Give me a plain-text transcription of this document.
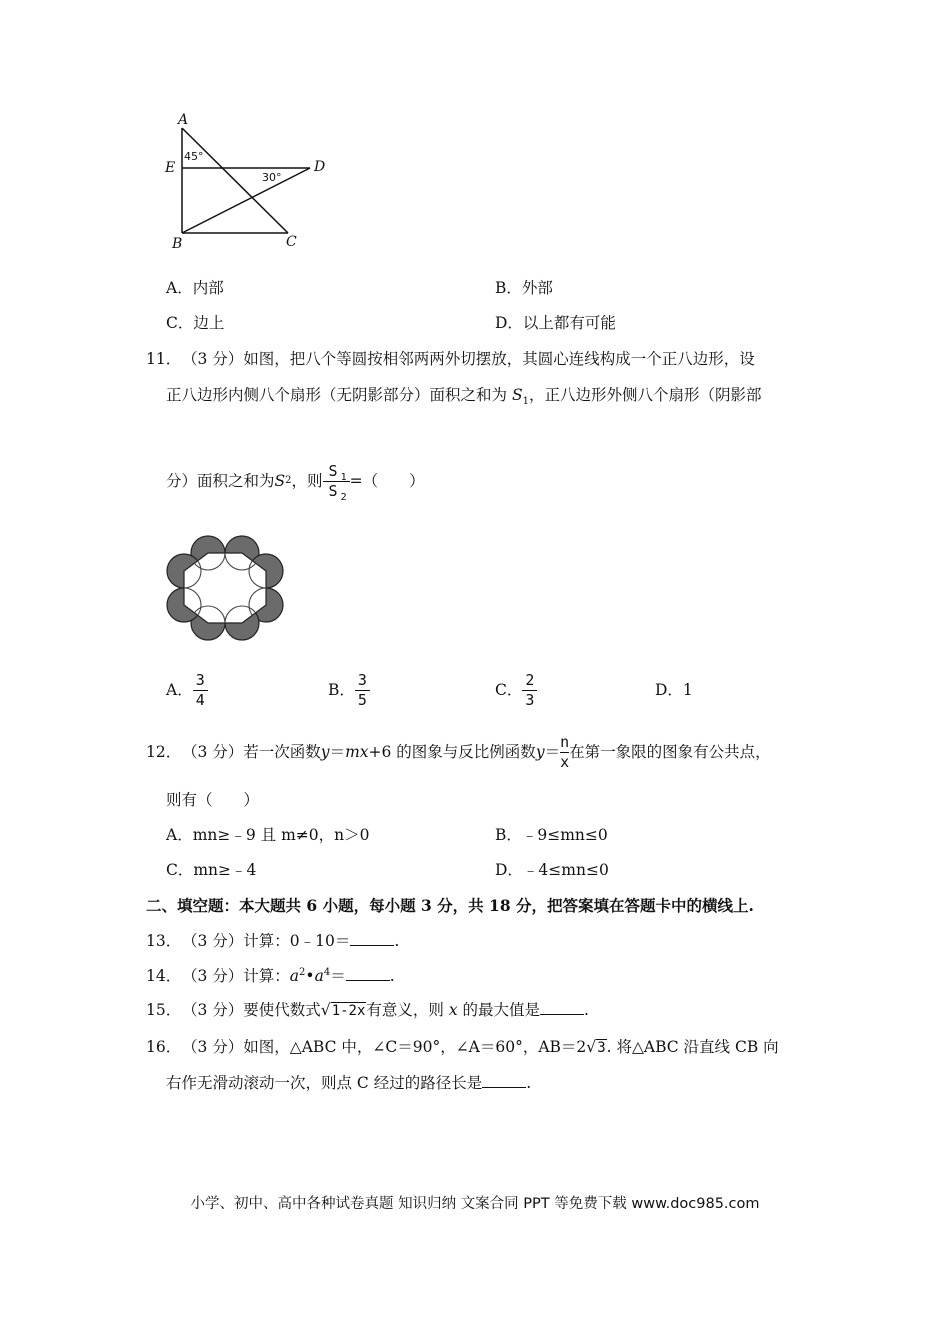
A
E	D
B	C
45°
30°
A．内部	B．外部
C．边上	D．以上都有可能
11． （3 分）如图，把八个等圆按相邻两两外切摆放，其圆心连线构成一个正八边形，设
正八边形内侧八个扇形（无阴影部分）面积之和为 $S_1$，正八边形外侧八个扇形（阴影部
分）面积之和为 S 2 ，则 $\frac{S _1}{S _2}$ =（　　）
A． $\frac{3}{4}$	B． $\frac{3}{5}$	C． $\frac{2}{3}$	D．1
12． （3 分）若一次函数 y ＝ mx +6 的图象与反比例函数 $y = \frac{n}{x}$ 在第一象限的图象有公共点，
则有（　　）
A．mn≥﹣9 且 m≠0，n＞0	B．﹣9≤mn≤0
C．mn≥﹣4	D．﹣4≤mn≤0
二、填空题：本大题共 6 小题，每小题 3 分，共 18 分，把答案填在答题卡中的横线上.
13．（3 分）计算：0﹣10＝	.
14．（3 分）计算：$a^2•a^4=$	.
15．（3 分）要使代数式√1-2x有意义，则 x 的最大值是	.
16．（3 分）如图，△ABC 中，∠C＝90°，∠A＝60°，AB＝2√3. 将△ABC 沿直线 CB 向
右作无滑动滚动一次，则点 C 经过的路径长是	.
小学、初中、高中各种试卷真题 知识归纳 文案合同 PPT 等免费下载 www.doc985.com
